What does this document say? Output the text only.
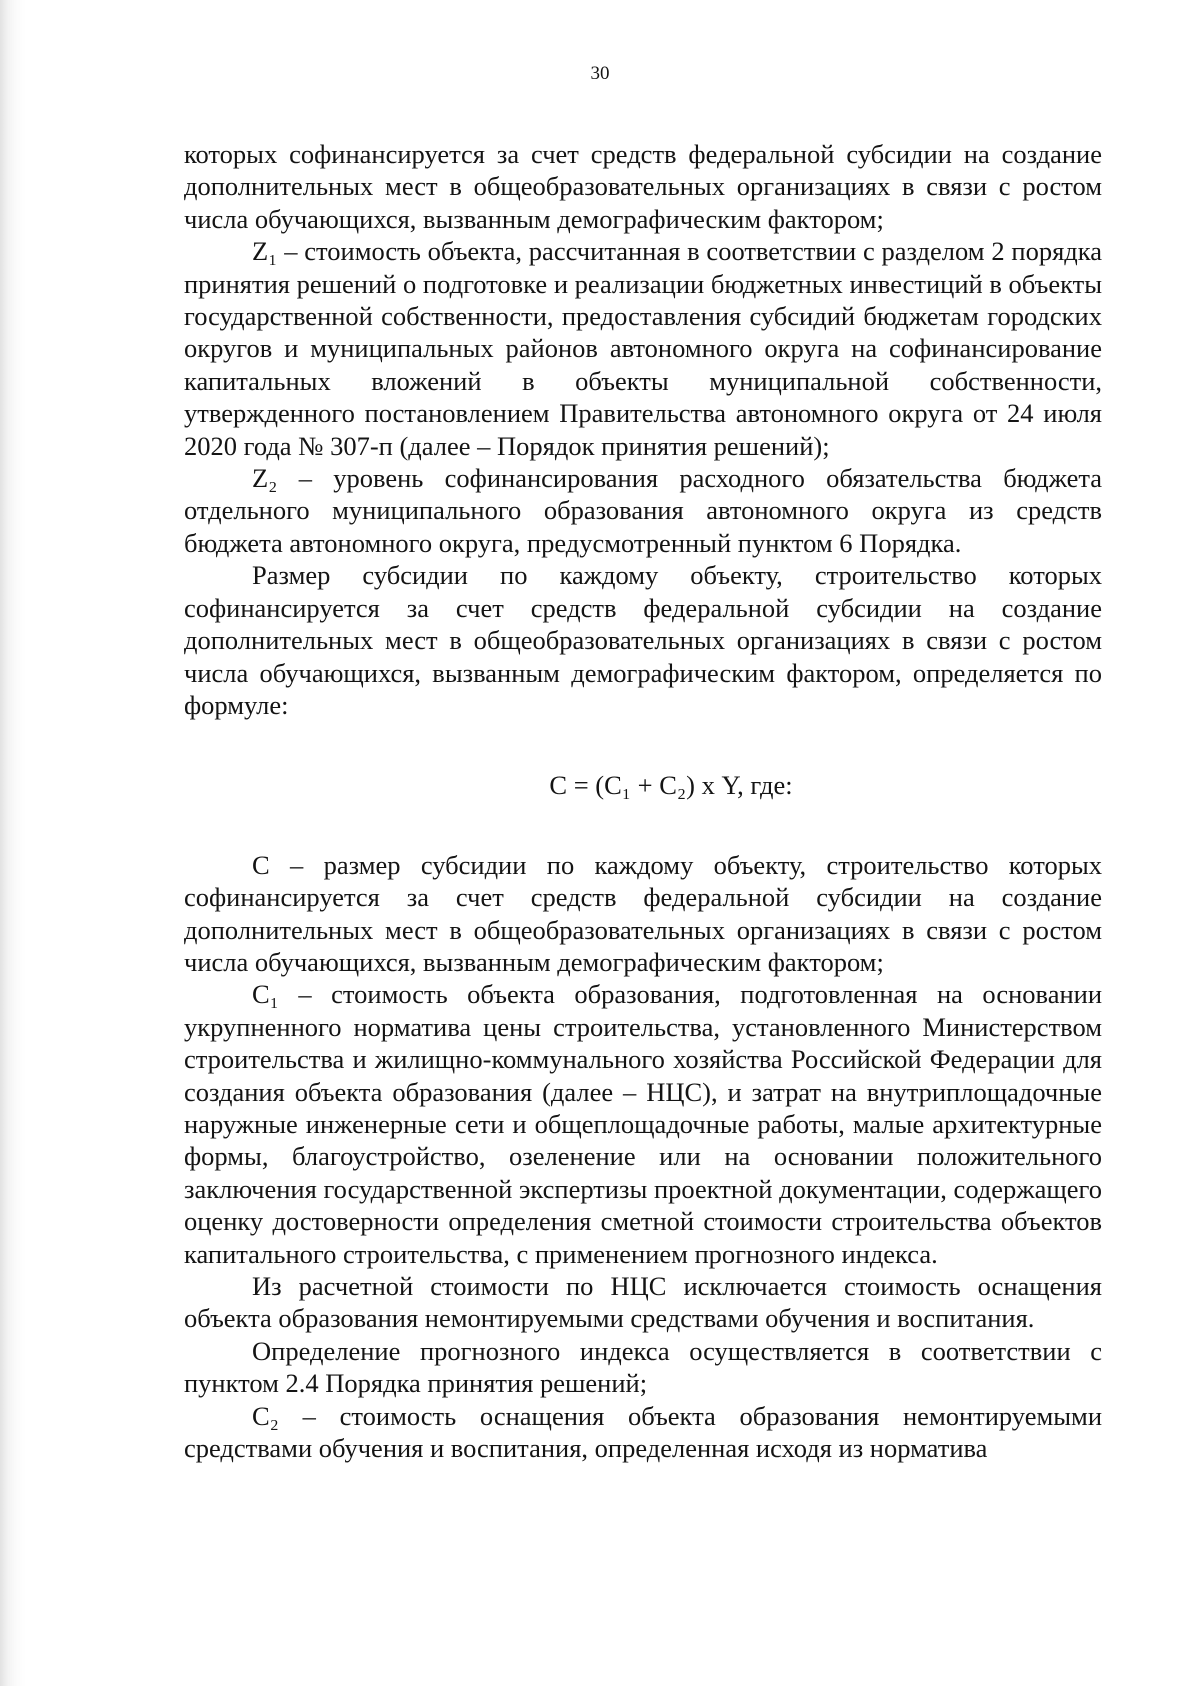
30

которых софинансируется за счет средств федеральной субсидии на создание дополнительных мест в общеобразовательных организациях в связи с ростом числа обучающихся, вызванным демографическим фактором;

Z₁ – стоимость объекта, рассчитанная в соответствии с разделом 2 порядка принятия решений о подготовке и реализации бюджетных инвестиций в объекты государственной собственности, предоставления субсидий бюджетам городских округов и муниципальных районов автономного округа на софинансирование капитальных вложений в объекты муниципальной собственности, утвержденного постановлением Правительства автономного округа от 24 июля 2020 года № 307-п (далее – Порядок принятия решений);

Z₂ – уровень софинансирования расходного обязательства бюджета отдельного муниципального образования автономного округа из средств бюджета автономного округа, предусмотренный пунктом 6 Порядка.

Размер субсидии по каждому объекту, строительство которых софинансируется за счет средств федеральной субсидии на создание дополнительных мест в общеобразовательных организациях в связи с ростом числа обучающихся, вызванным демографическим фактором, определяется по формуле:

С = (С₁ + С₂) х Y, где:

С – размер субсидии по каждому объекту, строительство которых софинансируется за счет средств федеральной субсидии на создание дополнительных мест в общеобразовательных организациях в связи с ростом числа обучающихся, вызванным демографическим фактором;

С₁ – стоимость объекта образования, подготовленная на основании укрупненного норматива цены строительства, установленного Министерством строительства и жилищно-коммунального хозяйства Российской Федерации для создания объекта образования (далее – НЦС), и затрат на внутриплощадочные наружные инженерные сети и общеплощадочные работы, малые архитектурные формы, благоустройство, озеленение или на основании положительного заключения государственной экспертизы проектной документации, содержащего оценку достоверности определения сметной стоимости строительства объектов капитального строительства, с применением прогнозного индекса.

Из расчетной стоимости по НЦС исключается стоимость оснащения объекта образования немонтируемыми средствами обучения и воспитания.

Определение прогнозного индекса осуществляется в соответствии с пунктом 2.4 Порядка принятия решений;

С₂ – стоимость оснащения объекта образования немонтируемыми средствами обучения и воспитания, определенная исходя из норматива
